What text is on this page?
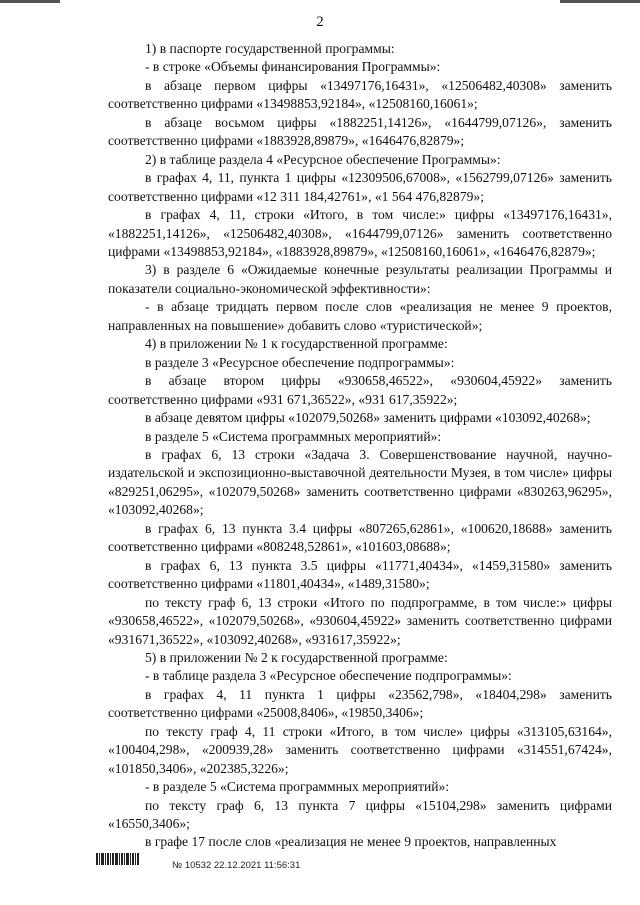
2

1) в паспорте государственной программы:

- в строке «Объемы финансирования Программы»:

в абзаце первом цифры «13497176,16431», «12506482,40308» заменить соответственно цифрами «13498853,92184», «12508160,16061»;

в абзаце восьмом цифры «1882251,14126», «1644799,07126», заменить соответственно цифрами «1883928,89879», «1646476,82879»;

2) в таблице раздела 4 «Ресурсное обеспечение Программы»:

в графах 4, 11, пункта 1 цифры «12309506,67008», «1562799,07126» заменить соответственно цифрами «12 311 184,42761», «1 564 476,82879»;

в графах 4, 11, строки «Итого, в том числе:» цифры «13497176,16431», «1882251,14126», «12506482,40308», «1644799,07126» заменить соответственно цифрами «13498853,92184», «1883928,89879», «12508160,16061», «1646476,82879»;

3) в разделе 6 «Ожидаемые конечные результаты реализации Программы и показатели социально-экономической эффективности»:

- в абзаце тридцать первом после слов «реализация не менее 9 проектов, направленных на повышение» добавить слово «туристической»;

4) в приложении № 1 к государственной программе:

в разделе 3 «Ресурсное обеспечение подпрограммы»:

в абзаце втором цифры «930658,46522», «930604,45922» заменить соответственно цифрами «931 671,36522», «931 617,35922»;

в абзаце девятом цифры «102079,50268» заменить цифрами «103092,40268»;

в разделе 5 «Система программных мероприятий»:

в графах 6, 13 строки «Задача 3. Совершенствование научной, научно-издательской и экспозиционно-выставочной деятельности Музея, в том числе» цифры «829251,06295», «102079,50268» заменить соответственно цифрами «830263,96295», «103092,40268»;

в графах 6, 13 пункта 3.4 цифры «807265,62861», «100620,18688» заменить соответственно цифрами «808248,52861», «101603,08688»;

в графах 6, 13 пункта 3.5 цифры «11771,40434», «1459,31580» заменить соответственно цифрами «11801,40434», «1489,31580»;

по тексту граф 6, 13 строки «Итого по подпрограмме, в том числе:» цифры «930658,46522», «102079,50268», «930604,45922» заменить соответственно цифрами «931671,36522», «103092,40268», «931617,35922»;

5) в приложении № 2 к государственной программе:

- в таблице раздела 3 «Ресурсное обеспечение подпрограммы»:

в графах 4, 11 пункта 1 цифры «23562,798», «18404,298» заменить соответственно цифрами «25008,8406», «19850,3406»;

по тексту граф 4, 11 строки «Итого, в том числе» цифры «313105,63164», «100404,298», «200939,28» заменить соответственно цифрами «314551,67424», «101850,3406», «202385,3226»;

- в разделе 5 «Система программных мероприятий»:

по тексту граф 6, 13 пункта 7 цифры «15104,298» заменить цифрами «16550,3406»;

в графе 17 после слов «реализация не менее 9 проектов, направленных

№ 10532 22.12.2021 11:56:31
